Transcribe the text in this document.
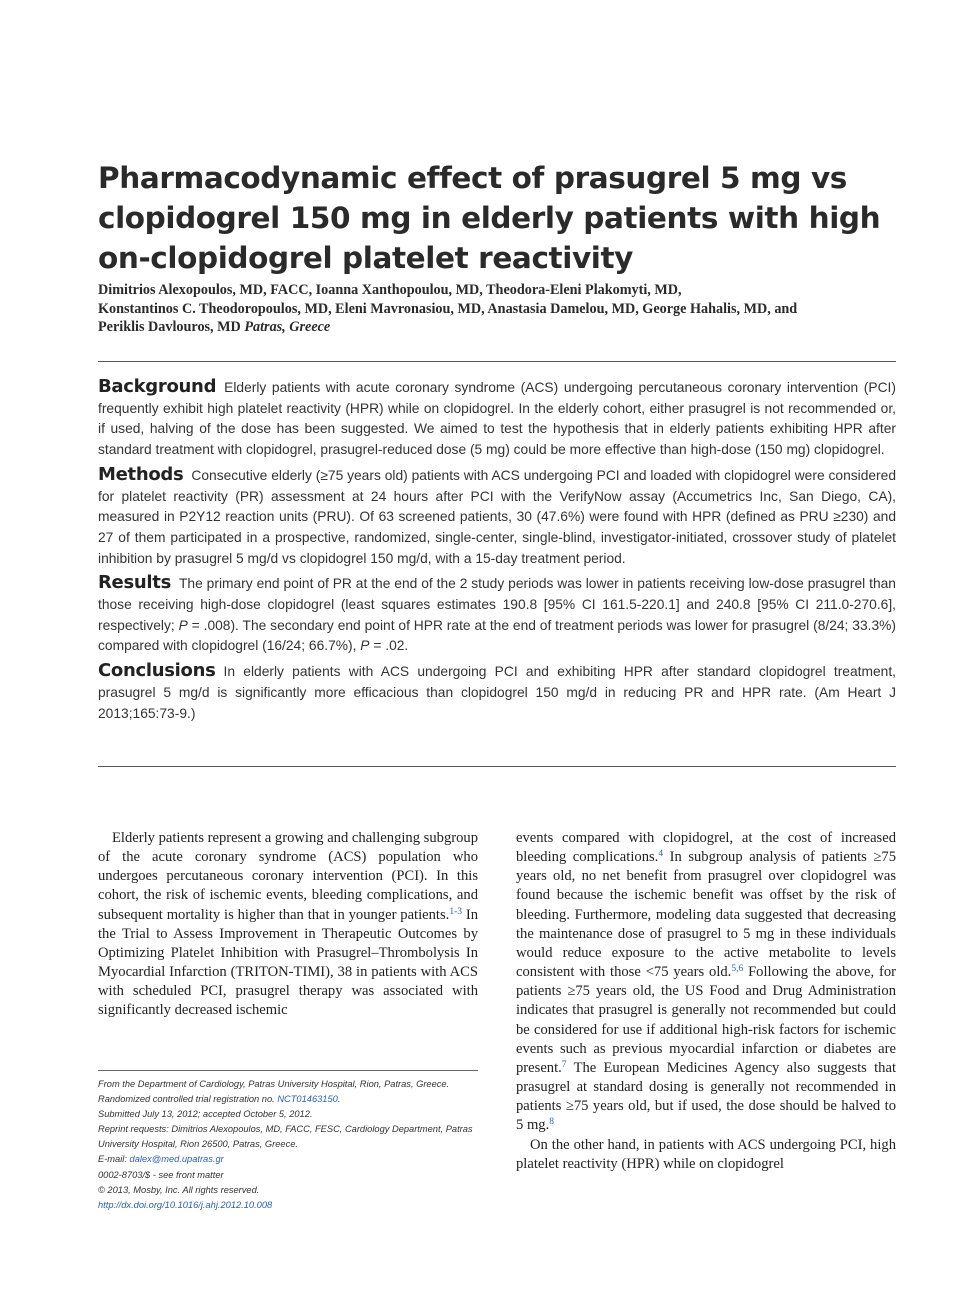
Pharmacodynamic effect of prasugrel 5 mg vs
clopidogrel 150 mg in elderly patients with high
on-clopidogrel platelet reactivity
Dimitrios Alexopoulos, MD, FACC, Ioanna Xanthopoulou, MD, Theodora-Eleni Plakomyti, MD,
Konstantinos C. Theodoropoulos, MD, Eleni Mavronasiou, MD, Anastasia Damelou, MD, George Hahalis, MD, and
Periklis Davlouros, MD Patras, Greece

Background Elderly patients with acute coronary syndrome (ACS) undergoing percutaneous coronary intervention (PCI) frequently exhibit high platelet reactivity (HPR) while on clopidogrel. In the elderly cohort, either prasugrel is not recommended or, if used, halving of the dose has been suggested. We aimed to test the hypothesis that in elderly patients exhibiting HPR after standard treatment with clopidogrel, prasugrel-reduced dose (5 mg) could be more effective than high-dose (150 mg) clopidogrel.

Methods Consecutive elderly (≥75 years old) patients with ACS undergoing PCI and loaded with clopidogrel were considered for platelet reactivity (PR) assessment at 24 hours after PCI with the VerifyNow assay (Accumetrics Inc, San Diego, CA), measured in P2Y12 reaction units (PRU). Of 63 screened patients, 30 (47.6%) were found with HPR (defined as PRU ≥230) and 27 of them participated in a prospective, randomized, single-center, single-blind, investigator-initiated, crossover study of platelet inhibition by prasugrel 5 mg/d vs clopidogrel 150 mg/d, with a 15-day treatment period.

Results The primary end point of PR at the end of the 2 study periods was lower in patients receiving low-dose prasugrel than those receiving high-dose clopidogrel (least squares estimates 190.8 [95% CI 161.5-220.1] and 240.8 [95% CI 211.0-270.6], respectively; P = .008). The secondary end point of HPR rate at the end of treatment periods was lower for prasugrel (8/24; 33.3%) compared with clopidogrel (16/24; 66.7%), P = .02.

Conclusions In elderly patients with ACS undergoing PCI and exhibiting HPR after standard clopidogrel treatment, prasugrel 5 mg/d is significantly more efficacious than clopidogrel 150 mg/d in reducing PR and HPR rate. (Am Heart J 2013;165:73-9.)

Elderly patients represent a growing and challenging subgroup of the acute coronary syndrome (ACS) population who undergoes percutaneous coronary intervention (PCI). In this cohort, the risk of ischemic events, bleeding complications, and subsequent mortality is higher than that in younger patients.$^{1-3}$ In the Trial to Assess Improvement in Therapeutic Outcomes by Optimizing Platelet Inhibition with Prasugrel–Thrombolysis In Myocardial Infarction (TRITON-TIMI), 38 in patients with ACS with scheduled PCI, prasugrel therapy was associated with significantly decreased ischemic

events compared with clopidogrel, at the cost of increased bleeding complications.$^4$ In subgroup analysis of patients ≥75 years old, no net benefit from prasugrel over clopidogrel was found because the ischemic benefit was offset by the risk of bleeding. Furthermore, modeling data suggested that decreasing the maintenance dose of prasugrel to 5 mg in these individuals would reduce exposure to the active metabolite to levels consistent with those <75 years old.$^{5,6}$ Following the above, for patients ≥75 years old, the US Food and Drug Administration indicates that prasugrel is generally not recommended but could be considered for use if additional high-risk factors for ischemic events such as previous myocardial infarction or diabetes are present.$^7$ The European Medicines Agency also suggests that prasugrel at standard dosing is generally not recommended in patients ≥75 years old, but if used, the dose should be halved to 5 mg.$^8$

On the other hand, in patients with ACS undergoing PCI, high platelet reactivity (HPR) while on clopidogrel

From the Department of Cardiology, Patras University Hospital, Rion, Patras, Greece.
Randomized controlled trial registration no. NCT01463150.
Submitted July 13, 2012; accepted October 5, 2012.
Reprint requests: Dimitrios Alexopoulos, MD, FACC, FESC, Cardiology Department, Patras
University Hospital, Rion 26500, Patras, Greece.
E-mail: dalex@med.upatras.gr
0002-8703/$ - see front matter
© 2013, Mosby, Inc. All rights reserved.
http://dx.doi.org/10.1016/j.ahj.2012.10.008
